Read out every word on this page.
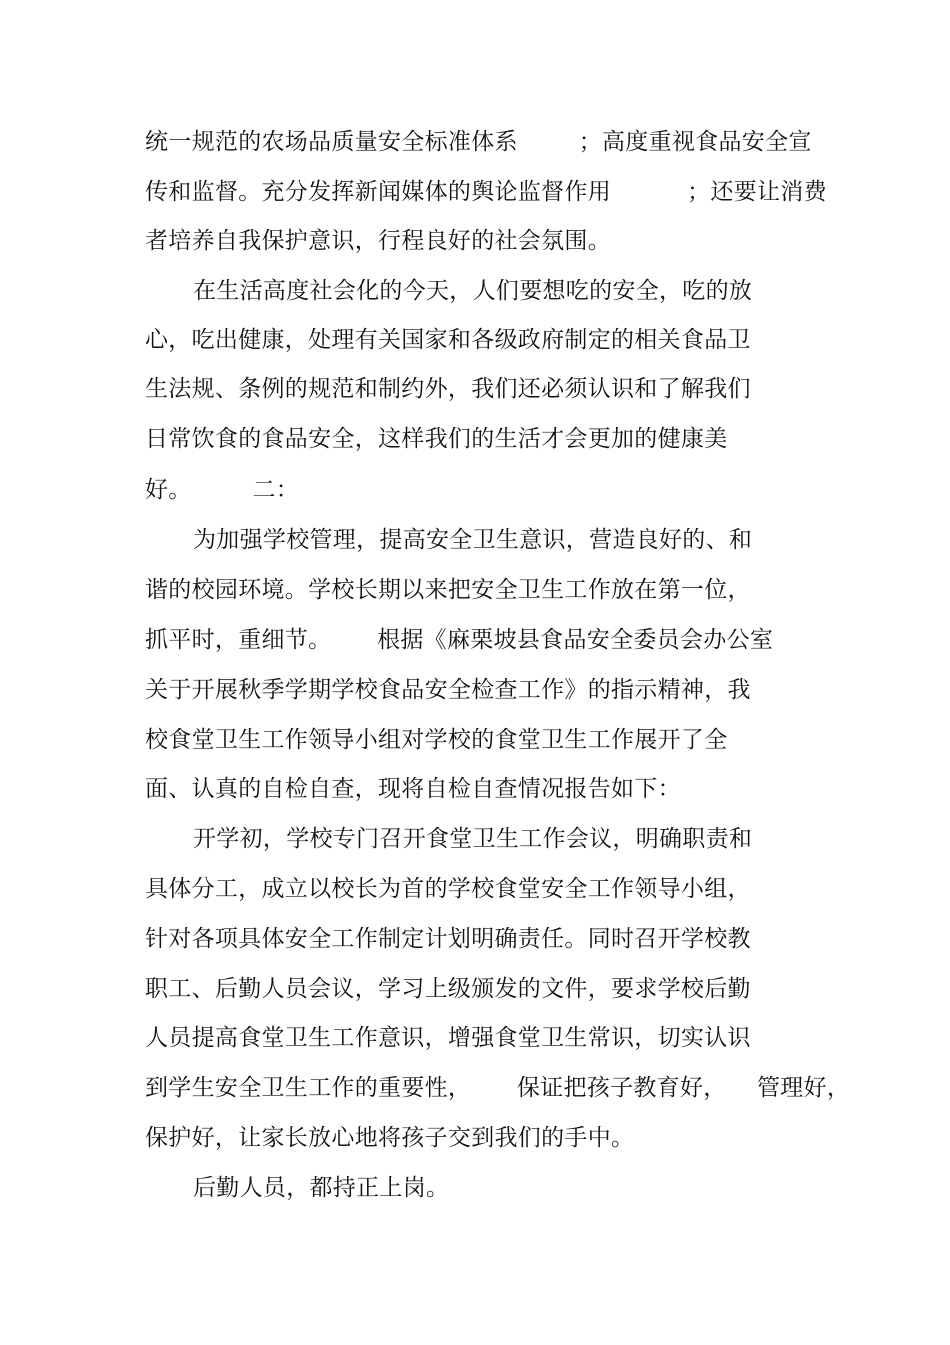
统一规范的农场品质量安全标准体系        ；高度重视食品安全宣
传和监督。充分发挥新闻媒体的舆论监督作用          ；还要让消费
者培养自我保护意识，行程良好的社会氛围。
在生活高度社会化的今天，人们要想吃的安全，吃的放
心，吃出健康，处理有关国家和各级政府制定的相关食品卫
生法规、条例的规范和制约外，我们还必须认识和了解我们
日常饮食的食品安全，这样我们的生活才会更加的健康美
好。        二：
为加强学校管理，提高安全卫生意识，营造良好的、和
谐的校园环境。学校长期以来把安全卫生工作放在第一位，
抓平时，重细节。      根据《麻栗坡县食品安全委员会办公室
关于开展秋季学期学校食品安全检查工作》的指示精神，我
校食堂卫生工作领导小组对学校的食堂卫生工作展开了全
面、认真的自检自查，现将自检自查情况报告如下：
开学初，学校专门召开食堂卫生工作会议，明确职责和
具体分工，成立以校长为首的学校食堂安全工作领导小组，
针对各项具体安全工作制定计划明确责任。同时召开学校教
职工、后勤人员会议，学习上级颁发的文件，要求学校后勤
人员提高食堂卫生工作意识，增强食堂卫生常识，切实认识
到学生安全卫生工作的重要性，      保证把孩子教育好，    管理好，
保护好，让家长放心地将孩子交到我们的手中。
后勤人员，都持正上岗。
